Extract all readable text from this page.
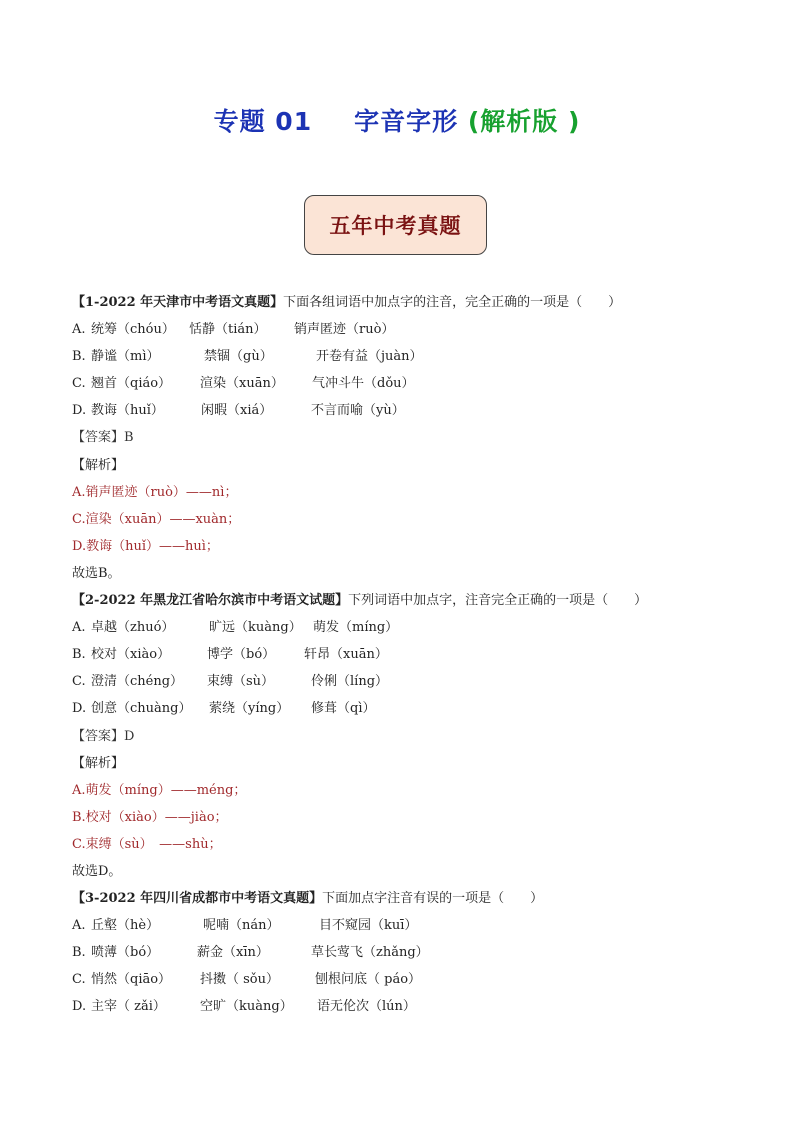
专题 01 字音字形 (解析版 )
五年中考真题
【1-2022 年天津市中考语文真题】下面各组词语中加点字的注音，完全正确的一项是（　　）
A. 统筹（chóu） 恬静（tián） 销声匿迹（ruò）
B. 静谧（mì）	禁锢（gù）	开卷有益（juàn）
C. 翘首（qiáo） 渲染（xuān） 气冲斗牛（dǒu）
D. 教诲（huǐ）	闲暇（xiá）	不言而喻（yù）
【答案】B
【解析】
A.销声匿迹（ruò）——nì；
C.渲染（xuān）——xuàn；
D.教诲（huǐ）——huì；
故选B。
【2-2022 年黑龙江省哈尔滨市中考语文试题】下列词语中加点字，注音完全正确的一项是（　　）
A. 卓越（zhuó）	旷远（kuàng） 萌发（míng）
B. 校对（xiào）	博学（bó） 轩昂（xuān）
C. 澄清（chéng） 束缚（sù）	伶俐（líng）
D. 创意（chuàng） 萦绕（yíng） 修葺（qì）
【答案】D
【解析】
A.萌发（míng）——méng；
B.校对（xiào）——jiào；
C.束缚（sù）　——shù；
故选D。
【3-2022 年四川省成都市中考语文真题】下面加点字注音有误的一项是（　　）
A. 丘壑（hè）	呢喃（nán）	目不窥园（kuī）
B. 喷薄（bó）	薪金（xīn）	草长莺飞（zhǎng）
C. 悄然（qiāo） 抖擞（ sǒu）	刨根问底（ páo）
D. 主宰（ zǎi）	空旷（kuàng） 语无伦次（lún）
